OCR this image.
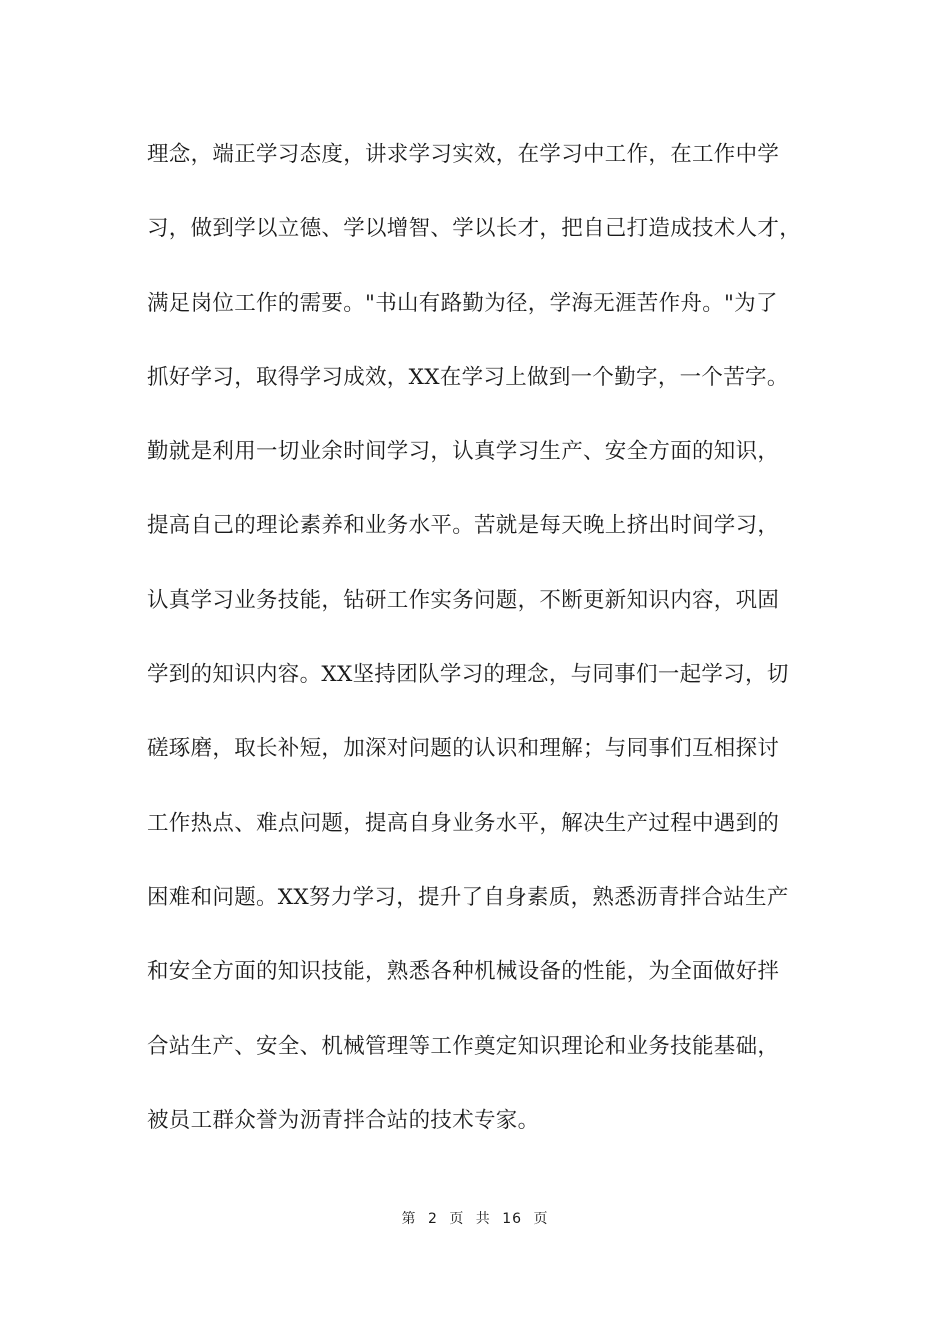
理念，端正学习态度，讲求学习实效，在学习中工作，在工作中学
习，做到学以立德、学以增智、学以长才，把自己打造成技术人才，
满足岗位工作的需要。"书山有路勤为径，学海无涯苦作舟。"为了
抓好学习，取得学习成效，XX在学习上做到一个勤字，一个苦字。
勤就是利用一切业余时间学习，认真学习生产、安全方面的知识，
提高自己的理论素养和业务水平。苦就是每天晚上挤出时间学习，
认真学习业务技能，钻研工作实务问题，不断更新知识内容，巩固
学到的知识内容。XX坚持团队学习的理念，与同事们一起学习，切
磋琢磨，取长补短，加深对问题的认识和理解；与同事们互相探讨
工作热点、难点问题，提高自身业务水平，解决生产过程中遇到的
困难和问题。XX努力学习，提升了自身素质，熟悉沥青拌合站生产
和安全方面的知识技能，熟悉各种机械设备的性能，为全面做好拌
合站生产、安全、机械管理等工作奠定知识理论和业务技能基础，
被员工群众誉为沥青拌合站的技术专家。
第 2 页 共 16 页
